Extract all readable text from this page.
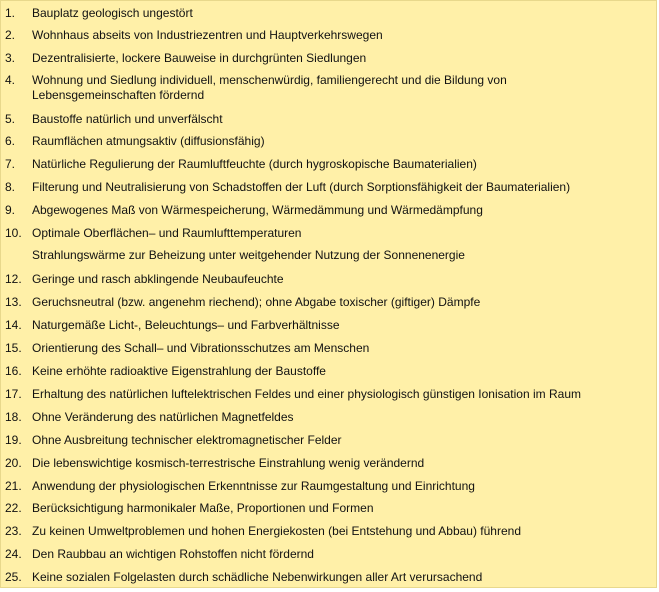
1.	Bauplatz geologisch ungestört
2.	Wohnhaus abseits von Industriezentren und Hauptverkehrswegen
3.	Dezentralisierte, lockere Bauweise in durchgrünten Siedlungen
4.	Wohnung und Siedlung individuell, menschenwürdig, familiengerecht und die Bildung von Lebensgemeinschaften fördernd
5.	Baustoffe natürlich und unverfälscht
6.	Raumflächen atmungsaktiv (diffusionsfähig)
7.	Natürliche Regulierung der Raumluftfeuchte (durch hygroskopische Baumaterialien)
8.	Filterung und Neutralisierung von Schadstoffen der Luft (durch Sorptionsfähigkeit der Baumaterialien)
9.	Abgewogenes Maß von Wärmespeicherung, Wärmedämmung und Wärmedämpfung
10. Optimale Oberflächen– und Raumlufttemperaturen
Strahlungswärme zur Beheizung unter weitgehender Nutzung der Sonnenenergie
12. Geringe und rasch abklingende Neubaufeuchte
13. Geruchsneutral (bzw. angenehm riechend); ohne Abgabe toxischer (giftiger) Dämpfe
14. Naturgemäße Licht-, Beleuchtungs– und Farbverhältnisse
15. Orientierung des Schall– und Vibrationsschutzes am Menschen
16. Keine erhöhte radioaktive Eigenstrahlung der Baustoffe
17. Erhaltung des natürlichen luftelektrischen Feldes und einer physiologisch günstigen Ionisation im Raum
18. Ohne Veränderung des natürlichen Magnetfeldes
19. Ohne Ausbreitung technischer elektromagnetischer Felder
20. Die lebenswichtige kosmisch-terrestrische Einstrahlung wenig verändernd
21. Anwendung der physiologischen Erkenntnisse zur Raumgestaltung und Einrichtung
22. Berücksichtigung harmonikaler Maße, Proportionen und Formen
23. Zu keinen Umweltproblemen und hohen Energiekosten (bei Entstehung und Abbau) führend
24. Den Raubbau an wichtigen Rohstoffen nicht fördernd
25. Keine sozialen Folgelasten durch schädliche Nebenwirkungen aller Art verursachend
